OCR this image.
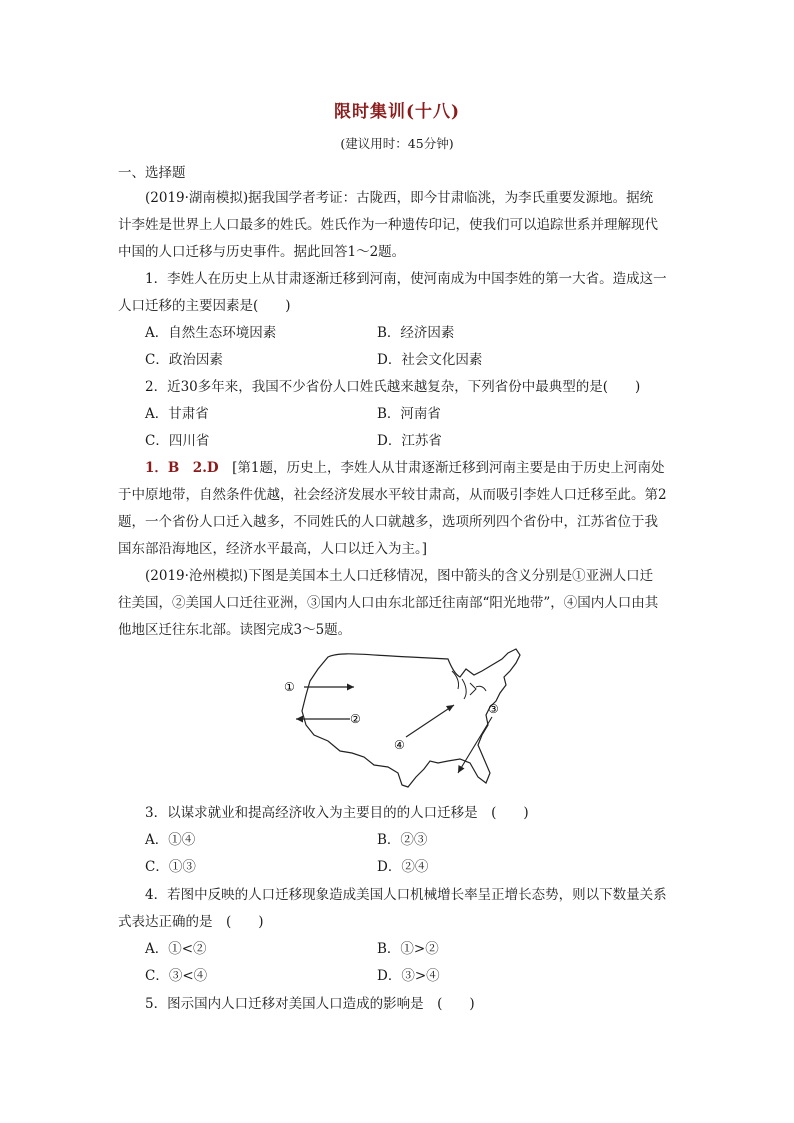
限时集训(十八)
(建议用时：45分钟)
一、选择题
(2019·湖南模拟)据我国学者考证：古陇西，即今甘肃临洮，为李氏重要发源地。据统
计李姓是世界上人口最多的姓氏。姓氏作为一种遗传印记，使我们可以追踪世系并理解现代
中国的人口迁移与历史事件。据此回答1～2题。
1．李姓人在历史上从甘肃逐渐迁移到河南，使河南成为中国李姓的第一大省。造成这一
人口迁移的主要因素是(　　)
A．自然生态环境因素	B．经济因素
C．政治因素	D．社会文化因素
2．近30多年来，我国不少省份人口姓氏越来越复杂，下列省份中最典型的是(　　)
A．甘肃省	B．河南省
C．四川省	D．江苏省
1．B　2.D　 [第1题，历史上，李姓人从甘肃逐渐迁移到河南主要是由于历史上河南处
于中原地带，自然条件优越，社会经济发展水平较甘肃高，从而吸引李姓人口迁移至此。第2
题，一个省份人口迁入越多，不同姓氏的人口就越多，选项所列四个省份中，江苏省位于我
国东部沿海地区，经济水平最高，人口以迁入为主。]
(2019·沧州模拟)下图是美国本土人口迁移情况，图中箭头的含义分别是①亚洲人口迁
往美国，②美国人口迁往亚洲，③国内人口由东北部迁往南部“阳光地带”，④国内人口由其
他地区迁往东北部。读图完成3～5题。
①
②
③
④
3．以谋求就业和提高经济收入为主要目的的人口迁移是　(　　)
A．①④	B．②③
C．①③	D．②④
4．若图中反映的人口迁移现象造成美国人口机械增长率呈正增长态势，则以下数量关系
式表达正确的是　(　　)
A．①<②	B．①>②
C．③<④	D．③>④
5．图示国内人口迁移对美国人口造成的影响是　(　　)
